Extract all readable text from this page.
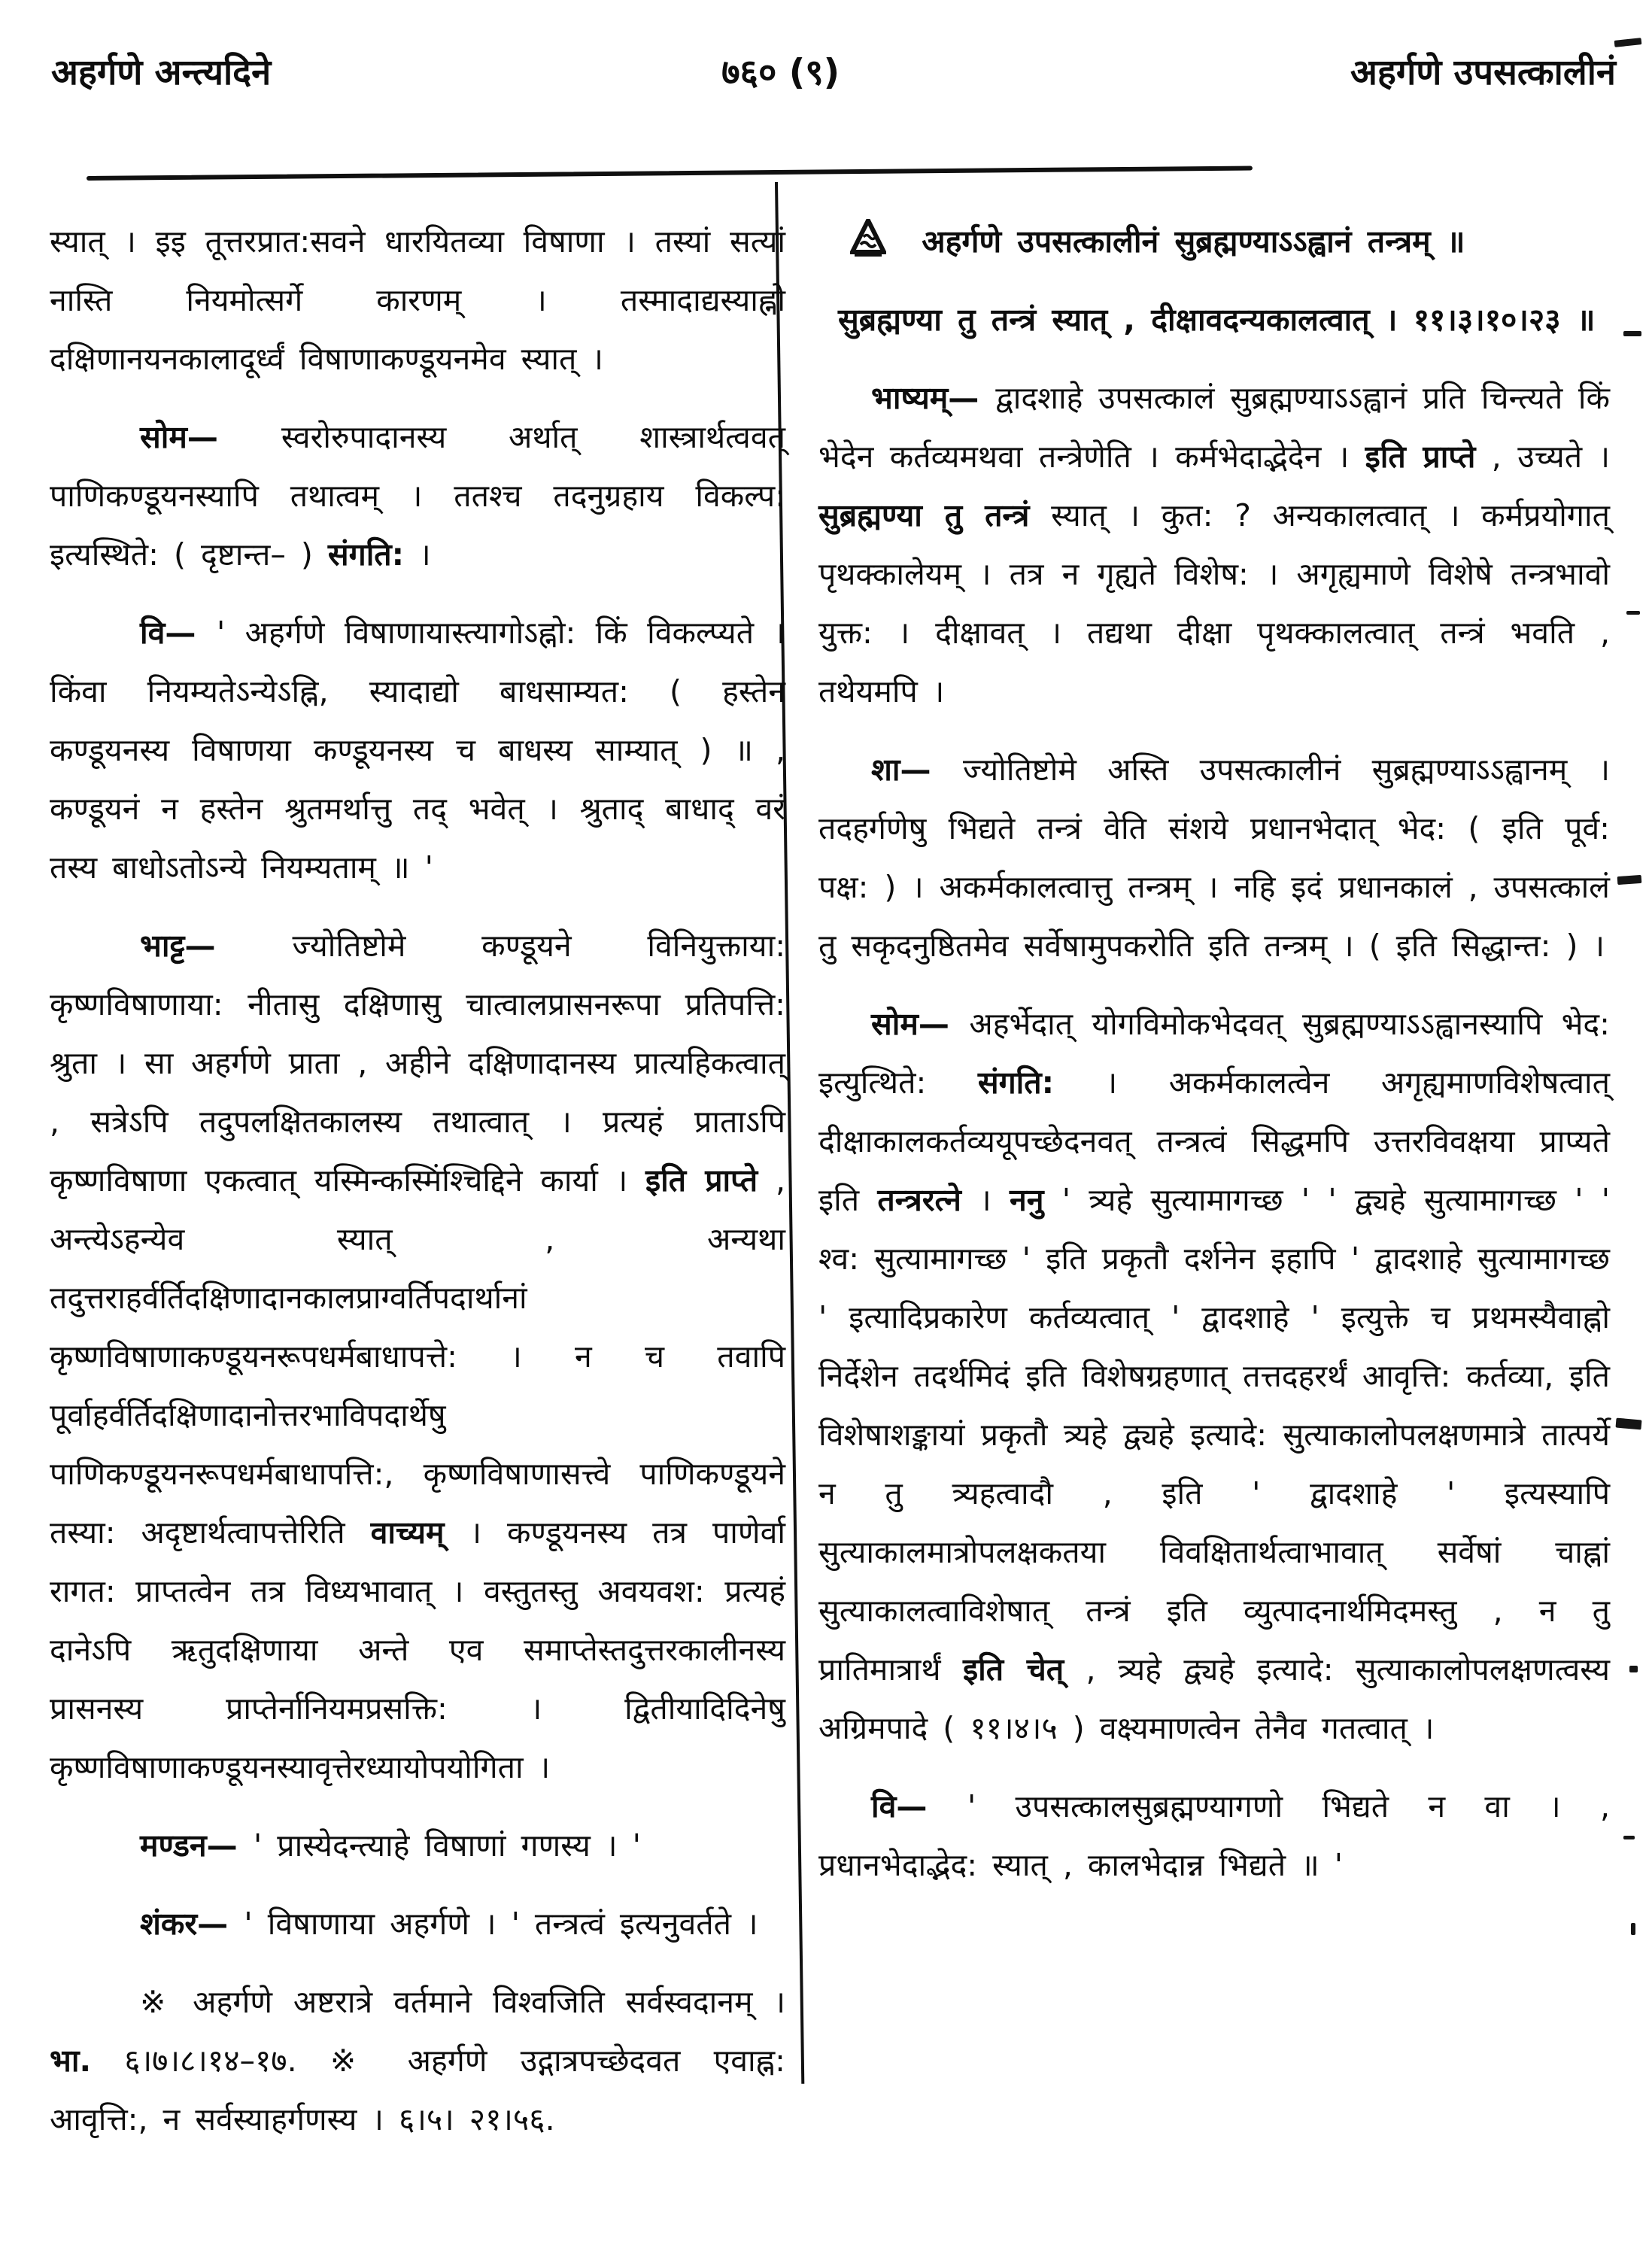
अहर्गणे अन्त्यदिने	७६० (९)	अहर्गणे उपसत्कालीनं
स्यात् । इइ तूत्तरप्रात:सवने धारयितव्या विषाणा । तस्यां सत्यां नास्ति नियमोत्सर्गे कारणम् । तस्मादाद्यस्याह्नो दक्षिणानयनकालादूर्ध्वं विषाणाकण्डूयनमेव स्यात् ।
सोम— स्वरोरुपादानस्य अर्थात् शास्त्रार्थत्ववत् पाणिकण्डूयनस्यापि तथात्वम् । ततश्च तदनुग्रहाय विकल्प: इत्यस्थिते: ( दृष्टान्त– ) संगति: ।
वि— ' अहर्गणे विषाणायास्त्यागोऽह्नो: किं विकल्प्यते । किंवा नियम्यतेऽन्येऽह्नि, स्यादाद्यो बाधसाम्यत: ( हस्तेन कण्डूयनस्य विषाणया कण्डूयनस्य च बाधस्य साम्यात् ) ॥ , कण्डूयनं न हस्तेन श्रुतमर्थात्तु तद् भवेत् । श्रुताद् बाधाद् वरं तस्य बाधोऽतोऽन्ये नियम्यताम् ॥ '
भाट्ट— ज्योतिष्टोमे कण्डूयने विनियुक्ताया: कृष्णविषाणाया: नीतासु दक्षिणासु चात्वालप्रासनरूपा प्रतिपत्ति: श्रुता । सा अहर्गणे प्राता , अहीने दक्षिणादानस्य प्रात्यहिकत्वात् , सत्रेऽपि तदुपलक्षितकालस्य तथात्वात् । प्रत्यहं प्राताऽपि कृष्णविषाणा एकत्वात् यस्मिन्कस्मिंश्चिद्दिने कार्या । इति प्राप्ते , अन्त्येऽहन्येव स्यात् , अन्यथा तदुत्तराहर्वर्तिदक्षिणादानकालप्राग्वर्तिपदार्थानां कृष्णविषाणाकण्डूयनरूपधर्मबाधापत्ते: । न च तवापि पूर्वाहर्वर्तिदक्षिणादानोत्तरभाविपदार्थेषु पाणिकण्डूयनरूपधर्मबाधापत्ति:, कृष्णविषाणासत्त्वे पाणिकण्डूयने तस्या: अदृष्टार्थत्वापत्तेरिति वाच्यम् । कण्डूयनस्य तत्र पाणेर्वा रागत: प्राप्तत्वेन तत्र विध्यभावात् । वस्तुतस्तु अवयवश: प्रत्यहं दानेऽपि ऋतुदक्षिणाया अन्ते एव समाप्तेस्तदुत्तरकालीनस्य प्रासनस्य प्राप्तेर्नानियमप्रसक्ति: । द्वितीयादिदिनेषु कृष्णविषाणाकण्डूयनस्यावृत्तेरध्यायोपयोगिता ।
मण्डन— ' प्रास्येदन्त्याहे विषाणां गणस्य । '
शंकर— ' विषाणाया अहर्गणे । ' तन्त्रत्वं इत्यनुवर्तते ।
※ अहर्गणे अष्टरात्रे वर्तमाने विश्वजिति सर्वस्वदानम् । भा. ६।७।८।१४–१७. ※ अहर्गणे उद्गात्रपच्छेदवत एवाह्न: आवृत्ति:, न सर्वस्याहर्गणस्य । ६।५। २१।५६.
अहर्गणे उपसत्कालीनं सुब्रह्मण्याऽऽह्वानं तन्त्रम् ॥
सुब्रह्मण्या तु तन्त्रं स्यात् , दीक्षावदन्यकालत्वात् । ११।३।१०।२३ ॥
भाष्यम्— द्वादशाहे उपसत्कालं सुब्रह्मण्याऽऽह्वानं प्रति चिन्त्यते किं भेदेन कर्तव्यमथवा तन्त्रेणेति । कर्मभेदाद्भेदेन । इति प्राप्ते , उच्यते । सुब्रह्मण्या तु तन्त्रं स्यात् । कुत: ? अन्यकालत्वात् । कर्मप्रयोगात् पृथक्कालेयम् । तत्र न गृह्यते विशेष: । अगृह्यमाणे विशेषे तन्त्रभावो युक्त: । दीक्षावत् । तद्यथा दीक्षा पृथक्कालत्वात् तन्त्रं भवति , तथेयमपि ।
शा— ज्योतिष्टोमे अस्ति उपसत्कालीनं सुब्रह्मण्याऽऽह्वानम् । तदहर्गणेषु भिद्यते तन्त्रं वेति संशये प्रधानभेदात् भेद: ( इति पूर्व: पक्ष: ) । अकर्मकालत्वात्तु तन्त्रम् । नहि इदं प्रधानकालं , उपसत्कालं तु सकृदनुष्ठितमेव सर्वेषामुपकरोति इति तन्त्रम् । ( इति सिद्धान्त: ) ।
सोम— अहर्भेदात् योगविमोकभेदवत् सुब्रह्मण्याऽऽह्वानस्यापि भेद: इत्युत्थिते: संगति: । अकर्मकालत्वेन अगृह्यमाणविशेषत्वात् दीक्षाकालकर्तव्ययूपच्छेदनवत् तन्त्रत्वं सिद्धमपि उत्तरविवक्षया प्राप्यते इति तन्त्ररत्ने । ननु ' त्र्यहे सुत्यामागच्छ ' ' द्व्यहे सुत्यामागच्छ ' ' श्व: सुत्यामागच्छ ' इति प्रकृतौ दर्शनेन इहापि ' द्वादशाहे सुत्यामागच्छ ' इत्यादिप्रकारेण कर्तव्यत्वात् ' द्वादशाहे ' इत्युक्ते च प्रथमस्यैवाह्नो निर्देशेन तदर्थमिदं इति विशेषग्रहणात् तत्तदहरर्थं आवृत्ति: कर्तव्या, इति विशेषाशङ्कायां प्रकृतौ त्र्यहे द्व्यहे इत्यादे: सुत्याकालोपलक्षणमात्रे तात्पर्ये न तु त्र्यहत्वादौ , इति ' द्वादशाहे ' इत्यस्यापि सुत्याकालमात्रोपलक्षकतया विवक्षितार्थत्वाभावात् सर्वेषां चाह्नां सुत्याकालत्वाविशेषात् तन्त्रं इति व्युत्पादनार्थमिदमस्तु , न तु प्रातिमात्रार्थं इति चेत् , त्र्यहे द्व्यहे इत्यादे: सुत्याकालोपलक्षणत्वस्य अग्रिमपादे ( ११।४।५ ) वक्ष्यमाणत्वेन तेनैव गतत्वात् ।
वि— ' उपसत्कालसुब्रह्मण्यागणो भिद्यते न वा । , प्रधानभेदाद्भेद: स्यात् , कालभेदान्न भिद्यते ॥ '
